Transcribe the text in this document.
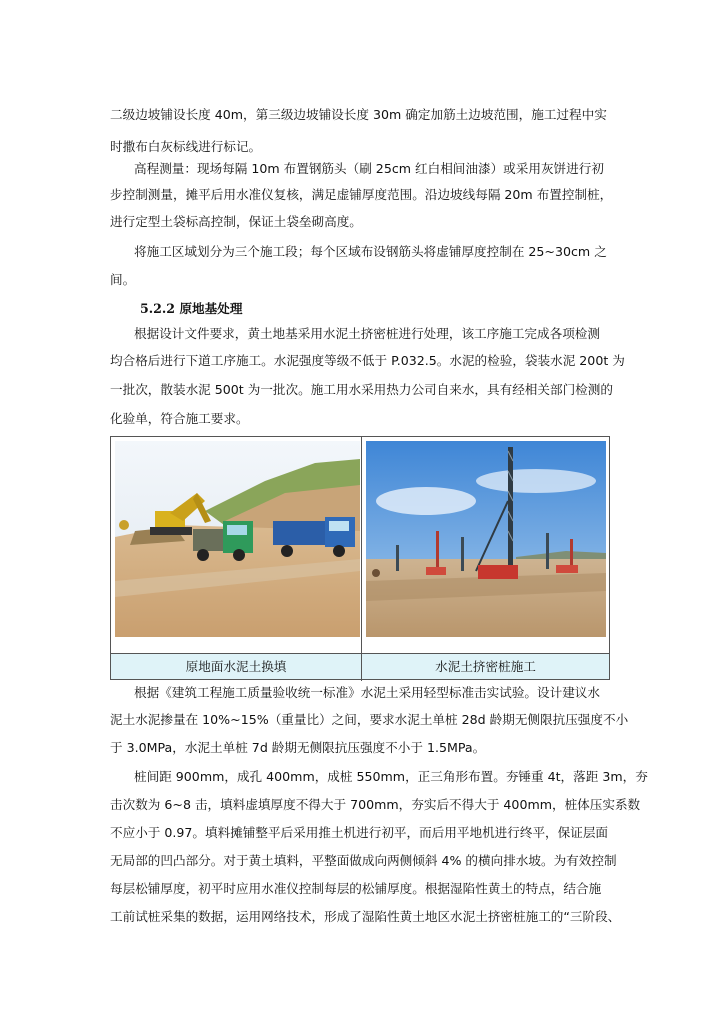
二级边坡铺设长度 40m，第三级边坡铺设长度 30m 确定加筋土边坡范围，施工过程中实
时撒布白灰标线进行标记。
高程测量：现场每隔 10m 布置钢筋头（刷 25cm 红白相间油漆）或采用灰饼进行初
步控制测量，摊平后用水准仪复核，满足虚铺厚度范围。沿边坡线每隔 20m 布置控制桩，
进行定型土袋标高控制，保证土袋垒砌高度。
将施工区域划分为三个施工段；每个区域布设钢筋头将虚铺厚度控制在 25~30cm 之
间。
5.2.2 原地基处理
根据设计文件要求，黄土地基采用水泥土挤密桩进行处理，该工序施工完成各项检测
均合格后进行下道工序施工。水泥强度等级不低于 P.032.5。水泥的检验，袋装水泥 200t 为
一批次，散装水泥 500t 为一批次。施工用水采用热力公司自来水，具有经相关部门检测的
化验单，符合施工要求。
原地面水泥土换填	水泥土挤密桩施工
根据《建筑工程施工质量验收统一标准》水泥土采用轻型标准击实试验。设计建议水
泥土水泥掺量在 10%~15%（重量比）之间，要求水泥土单桩 28d 龄期无侧限抗压强度不小
于 3.0MPa，水泥土单桩 7d 龄期无侧限抗压强度不小于 1.5MPa。
桩间距 900mm，成孔 400mm，成桩 550mm，正三角形布置。夯锤重 4t，落距 3m，夯
击次数为 6~8 击，填料虚填厚度不得大于 700mm，夯实后不得大于 400mm，桩体压实系数
不应小于 0.97。填料摊铺整平后采用推土机进行初平，而后用平地机进行终平，保证层面
无局部的凹凸部分。对于黄土填料，平整面做成向两侧倾斜 4% 的横向排水坡。为有效控制
每层松铺厚度，初平时应用水准仪控制每层的松铺厚度。根据湿陷性黄土的特点，结合施
工前试桩采集的数据，运用网络技术，形成了湿陷性黄土地区水泥土挤密桩施工的“三阶段、
